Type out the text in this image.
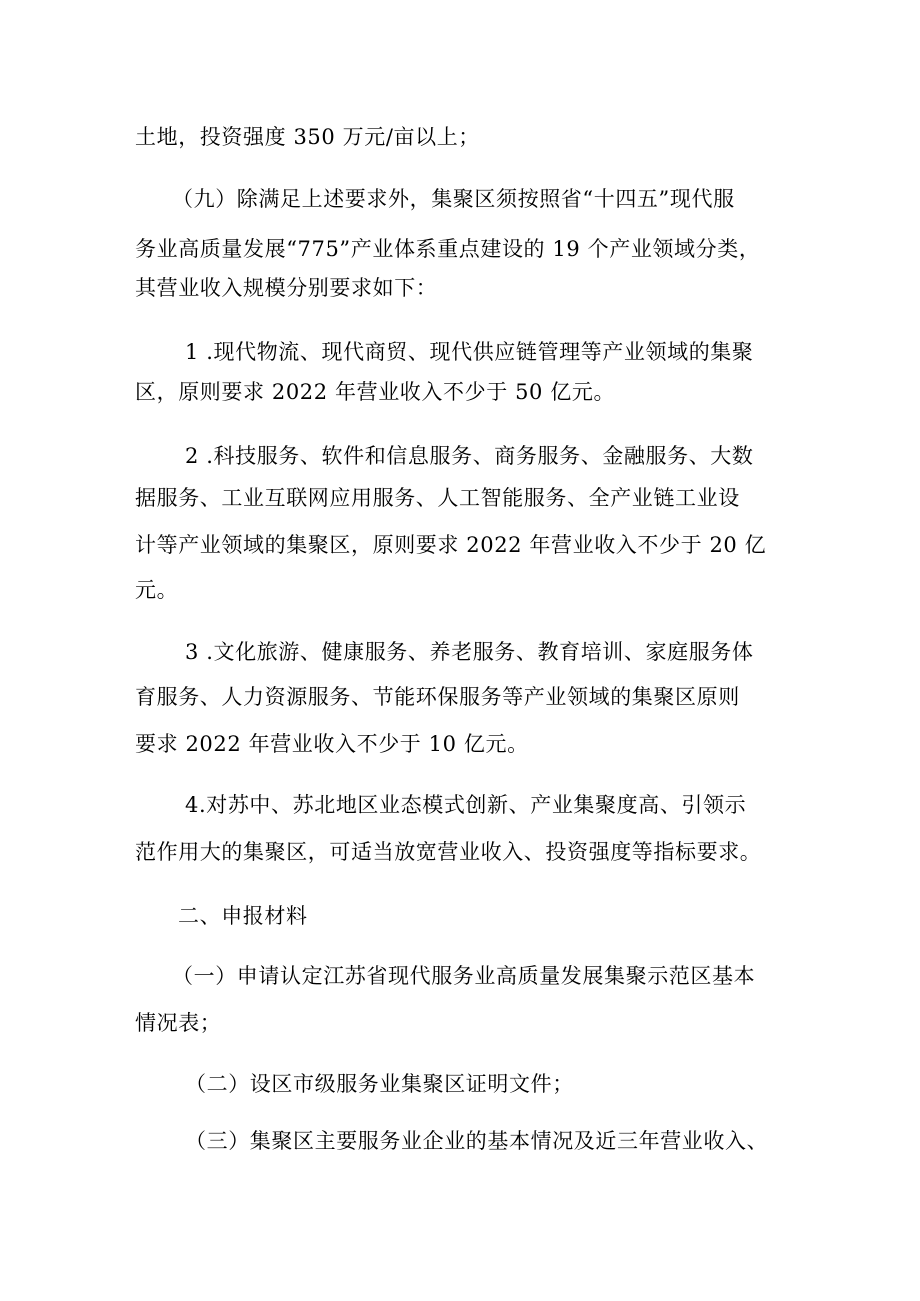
土地，投资强度 350 万元/亩以上；
（九）除满足上述要求外，集聚区须按照省“十四五”现代服
务业高质量发展“775”产业体系重点建设的 19 个产业领域分类，
其营业收入规模分别要求如下：
1 .现代物流、现代商贸、现代供应链管理等产业领域的集聚
区，原则要求 2022 年营业收入不少于 50 亿元。
2 .科技服务、软件和信息服务、商务服务、金融服务、大数
据服务、工业互联网应用服务、人工智能服务、全产业链工业设
计等产业领域的集聚区，原则要求 2022 年营业收入不少于 20 亿
元。
3 .文化旅游、健康服务、养老服务、教育培训、家庭服务体
育服务、人力资源服务、节能环保服务等产业领域的集聚区原则
要求 2022 年营业收入不少于 10 亿元。
4.对苏中、苏北地区业态模式创新、产业集聚度高、引领示
范作用大的集聚区，可适当放宽营业收入、投资强度等指标要求。
二、申报材料
（一）申请认定江苏省现代服务业高质量发展集聚示范区基本
情况表；
（二）设区市级服务业集聚区证明文件；
（三）集聚区主要服务业企业的基本情况及近三年营业收入、
